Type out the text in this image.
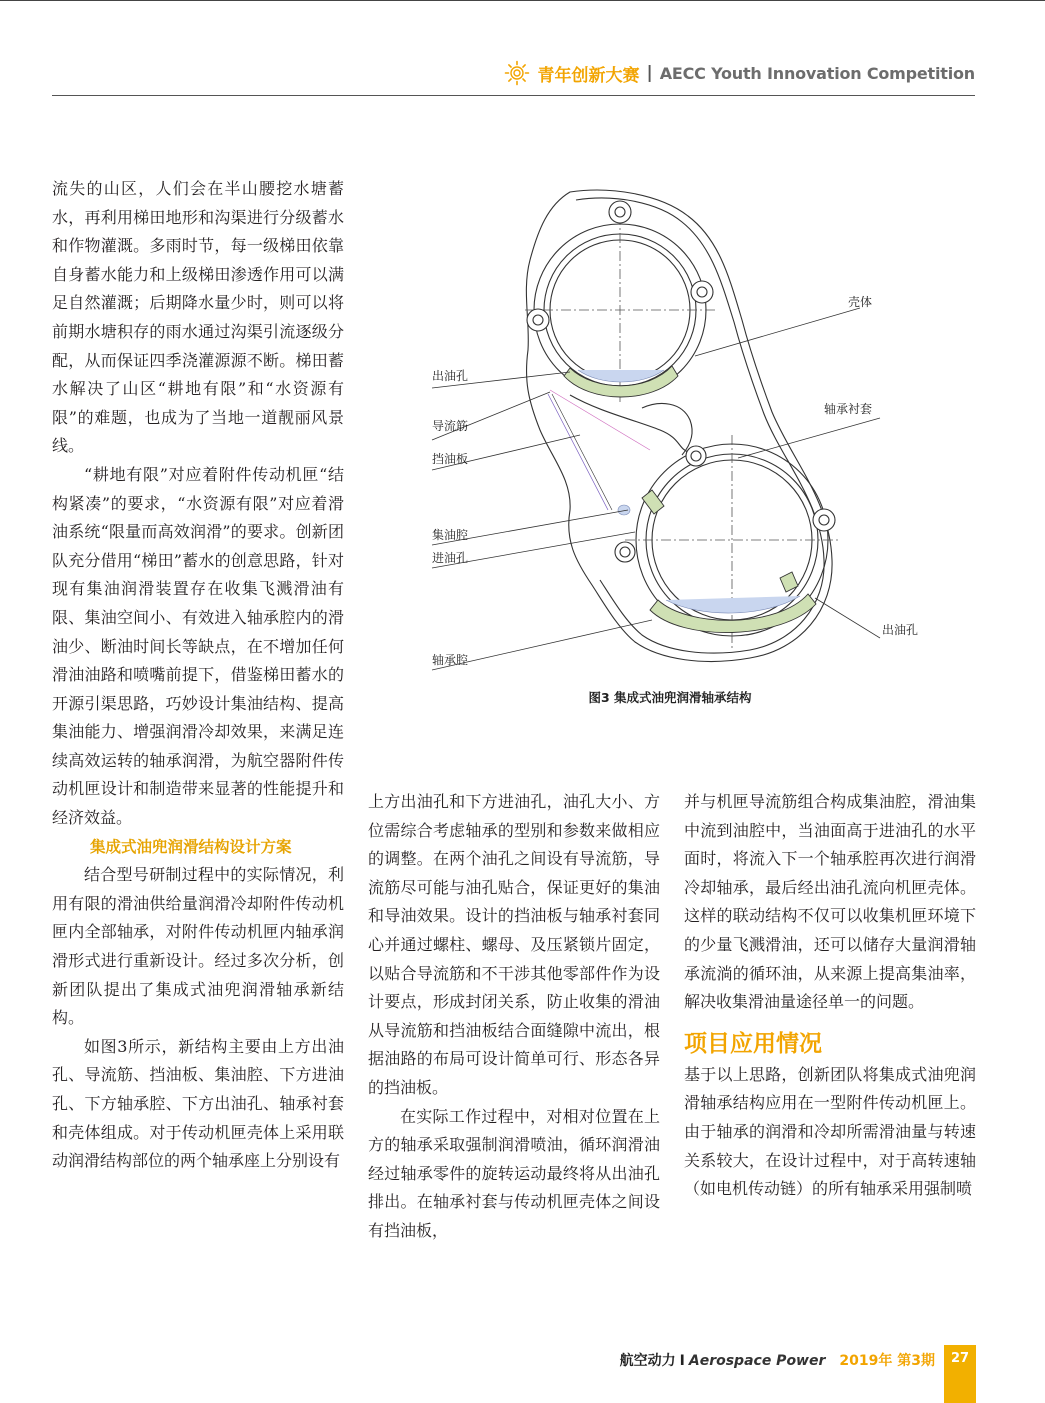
青年创新大赛 | AECC Youth Innovation Competition

流失的山区，人们会在半山腰挖水塘蓄水，再利用梯田地形和沟渠进行分级蓄水和作物灌溉。多雨时节，每一级梯田依靠自身蓄水能力和上级梯田渗透作用可以满足自然灌溉；后期降水量少时，则可以将前期水塘积存的雨水通过沟渠引流逐级分配，从而保证四季浇灌源源不断。梯田蓄水解决了山区“耕地有限”和“水资源有限”的难题，也成为了当地一道靓丽风景线。

“耕地有限”对应着附件传动机匣“结构紧凑”的要求，“水资源有限”对应着滑油系统“限量而高效润滑”的要求。创新团队充分借用“梯田”蓄水的创意思路，针对现有集油润滑装置存在收集飞溅滑油有限、集油空间小、有效进入轴承腔内的滑油少、断油时间长等缺点，在不增加任何滑油油路和喷嘴前提下，借鉴梯田蓄水的开源引渠思路，巧妙设计集油结构、提高集油能力、增强润滑冷却效果，来满足连续高效运转的轴承润滑，为航空器附件传动机匣设计和制造带来显著的性能提升和经济效益。

集成式油兜润滑结构设计方案

结合型号研制过程中的实际情况，利用有限的滑油供给量润滑冷却附件传动机匣内全部轴承，对附件传动机匣内轴承润滑形式进行重新设计。经过多次分析，创新团队提出了集成式油兜润滑轴承新结构。

如图3所示，新结构主要由上方出油孔、导流筋、挡油板、集油腔、下方进油孔、下方轴承腔、下方出油孔、轴承衬套和壳体组成。对于传动机匣壳体上采用联动润滑结构部位的两个轴承座上分别设有

壳体
出油孔
轴承衬套
导流筋
挡油板
集油腔
进油孔
出油孔
轴承腔
图3 集成式油兜润滑轴承结构

上方出油孔和下方进油孔，油孔大小、方位需综合考虑轴承的型别和参数来做相应的调整。在两个油孔之间设有导流筋，导流筋尽可能与油孔贴合，保证更好的集油和导油效果。设计的挡油板与轴承衬套同心并通过螺柱、螺母、及压紧锁片固定，以贴合导流筋和不干涉其他零部件作为设计要点，形成封闭关系，防止收集的滑油从导流筋和挡油板结合面缝隙中流出，根据油路的布局可设计简单可行、形态各异的挡油板。

在实际工作过程中，对相对位置在上方的轴承采取强制润滑喷油，循环润滑油经过轴承零件的旋转运动最终将从出油孔排出。在轴承衬套与传动机匣壳体之间设有挡油板，

并与机匣导流筋组合构成集油腔，滑油集中流到油腔中，当油面高于进油孔的水平面时，将流入下一个轴承腔再次进行润滑冷却轴承，最后经出油孔流向机匣壳体。这样的联动结构不仅可以收集机匣环境下的少量飞溅滑油，还可以储存大量润滑轴承流淌的循环油，从来源上提高集油率，解决收集滑油量途径单一的问题。

项目应用情况

基于以上思路，创新团队将集成式油兜润滑轴承结构应用在一型附件传动机匣上。由于轴承的润滑和冷却所需滑油量与转速关系较大，在设计过程中，对于高转速轴（如电机传动链）的所有轴承采用强制喷

航空动力 I Aerospace Power 2019年 第3期	27
